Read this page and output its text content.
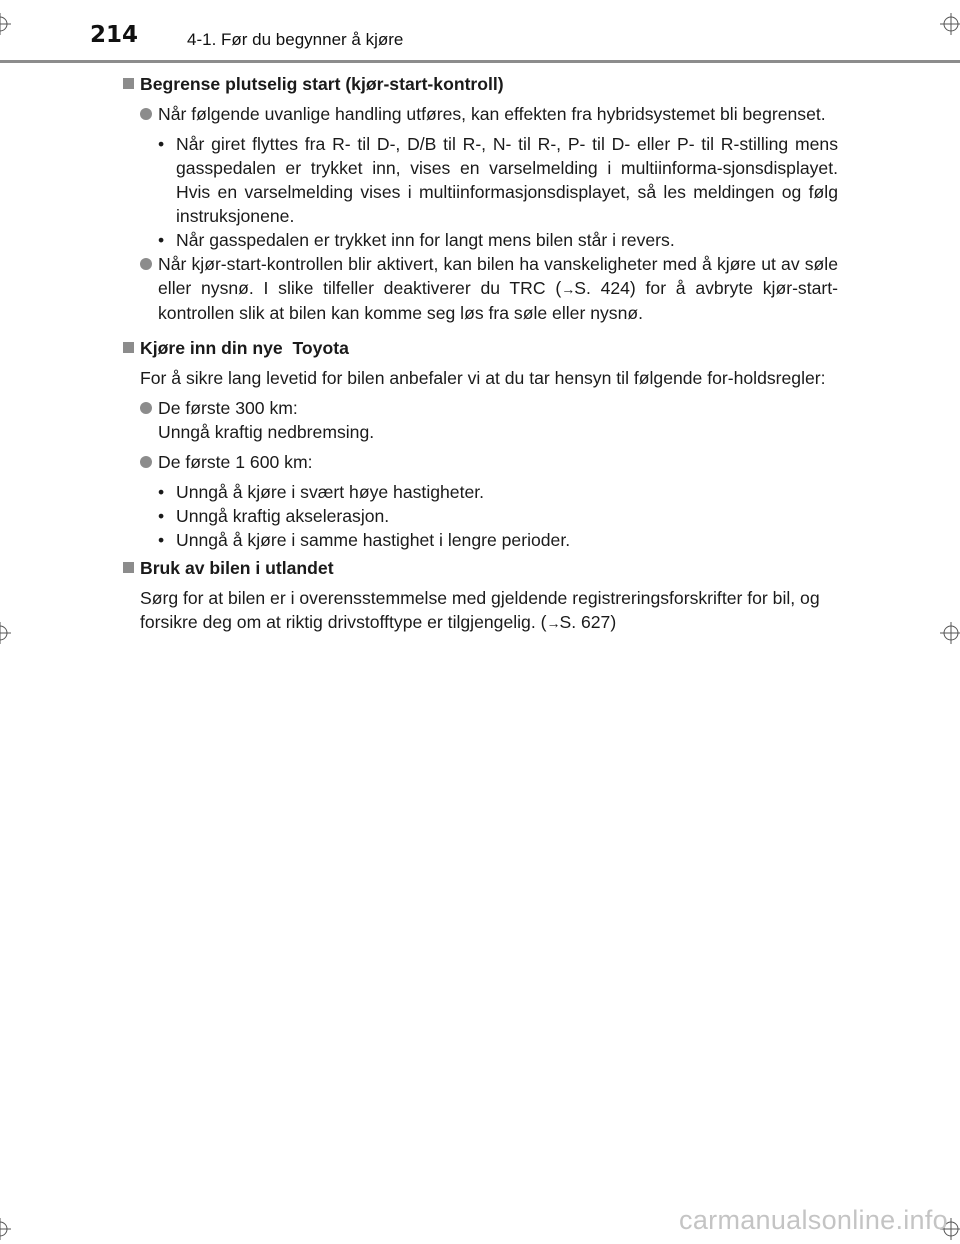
214	4-1. Før du begynner å kjøre

Begrense plutselig start (kjør-start-kontroll)

Når følgende uvanlige handling utføres, kan effekten fra hybridsystemet bli begrenset.

• Når giret flyttes fra R- til D-, D/B til R-, N- til R-, P- til D- eller P- til R-stilling mens gasspedalen er trykket inn, vises en varselmelding i multiinforma-sjonsdisplayet. Hvis en varselmelding vises i multiinformasjonsdisplayet, så les meldingen og følg instruksjonene.
• Når gasspedalen er trykket inn for langt mens bilen står i revers.

Når kjør-start-kontrollen blir aktivert, kan bilen ha vanskeligheter med å kjøre ut av søle eller nysnø. I slike tilfeller deaktiverer du TRC (→S. 424) for å avbryte kjør-start-kontrollen slik at bilen kan komme seg løs fra søle eller nysnø.

Kjøre inn din nye  Toyota

For å sikre lang levetid for bilen anbefaler vi at du tar hensyn til følgende for-holdsregler:

De første 300 km:
Unngå kraftig nedbremsing.

De første 1 600 km:

• Unngå å kjøre i svært høye hastigheter.
• Unngå kraftig akselerasjon.
• Unngå å kjøre i samme hastighet i lengre perioder.

Bruk av bilen i utlandet

Sørg for at bilen er i overensstemmelse med gjeldende registreringsforskrifter for bil, og forsikre deg om at riktig drivstofftype er tilgjengelig. (→S. 627)

carmanualsonline.info
